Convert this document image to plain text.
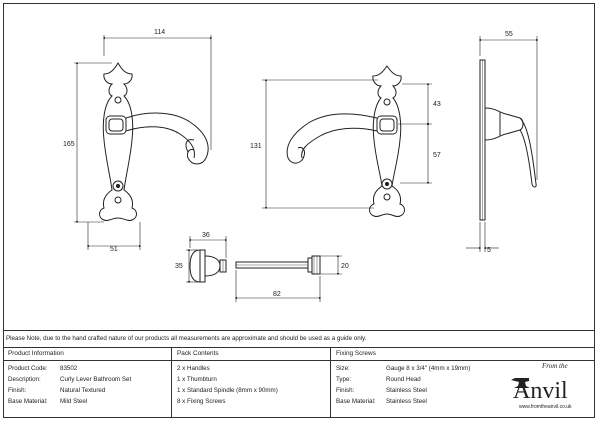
114
165
51
131
43
57
55
5
36
35	20
82
Please Note, due to the hand crafted nature of our products all measurements are approximate and should be used as a guide only.
Product Information
Product Code: 83502
Description:	Curly Lever Bathroom Set
Finish:	Natural Textured
Base Material: Mild Steel
Pack Contents
2 x Handles
1 x Thumbturn
1 x Standard Spindle (8mm x 90mm)
8 x Fixing Screws
Fixing Screws
Size:	Gauge 8 x 3/4" (4mm x 19mm)
Type:	Round Head
Finish:	Stainless Steel
Base Material: Stainless Steel
From the
Anvil
www.fromtheanvil.co.uk
